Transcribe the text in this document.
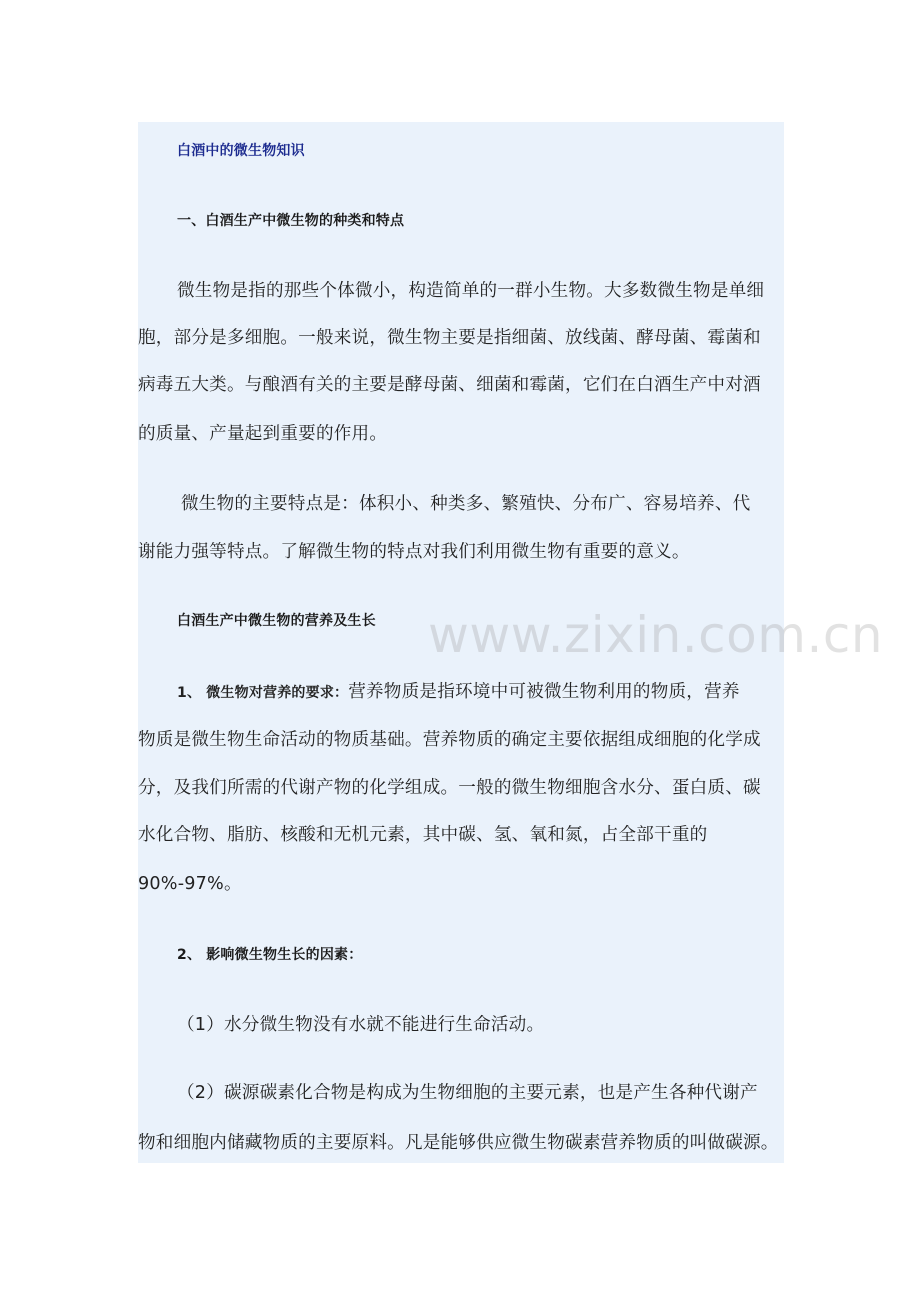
白酒中的微生物知识

一、白酒生产中微生物的种类和特点

微生物是指的那些个体微小，构造简单的一群小生物。大多数微生物是单细

胞，部分是多细胞。一般来说，微生物主要是指细菌、放线菌、酵母菌、霉菌和

病毒五大类。与酿酒有关的主要是酵母菌、细菌和霉菌，它们在白酒生产中对酒

的质量、产量起到重要的作用。

微生物的主要特点是：体积小、种类多、繁殖快、分布广、容易培养、代

谢能力强等特点。了解微生物的特点对我们利用微生物有重要的意义。

白酒生产中微生物的营养及生长

1、 微生物对营养的要求：营养物质是指环境中可被微生物利用的物质，营养

物质是微生物生命活动的物质基础。营养物质的确定主要依据组成细胞的化学成

分，及我们所需的代谢产物的化学组成。一般的微生物细胞含水分、蛋白质、碳

水化合物、脂肪、核酸和无机元素，其中碳、氢、氧和氮，占全部干重的

90%-97%。

2、 影响微生物生长的因素：

（1）水分微生物没有水就不能进行生命活动。

（2）碳源碳素化合物是构成为生物细胞的主要元素，也是产生各种代谢产

物和细胞内储藏物质的主要原料。凡是能够供应微生物碳素营养物质的叫做碳源。

www.zixin.com.cn
